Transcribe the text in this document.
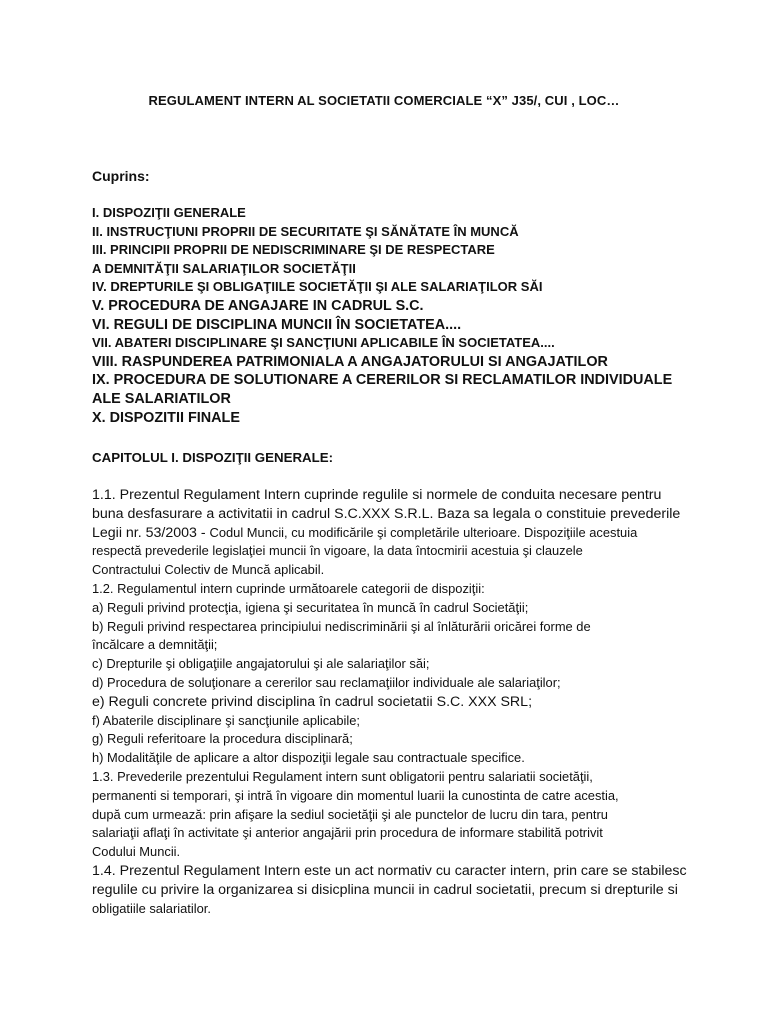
REGULAMENT INTERN AL SOCIETATII COMERCIALE “X” J35/, CUI , LOC…
Cuprins:
I. DISPOZIŢII GENERALE
II. INSTRUCŢIUNI PROPRII DE SECURITATE ŞI SĂNĂTATE ÎN MUNCĂ
III. PRINCIPII PROPRII DE NEDISCRIMINARE ŞI DE RESPECTARE
A DEMNITĂŢII SALARIAŢILOR SOCIETĂŢII
IV. DREPTURILE ŞI OBLIGAŢIILE SOCIETĂŢII ŞI ALE SALARIAŢILOR SĂI
V. PROCEDURA DE ANGAJARE IN CADRUL S.C.
VI. REGULI DE DISCIPLINA MUNCII ÎN SOCIETATEA....
VII. ABATERI DISCIPLINARE ŞI SANCŢIUNI APLICABILE ÎN SOCIETATEA....
VIII. RASPUNDEREA PATRIMONIALA A ANGAJATORULUI SI ANGAJATILOR
IX. PROCEDURA DE SOLUTIONARE A CERERILOR SI RECLAMATILOR INDIVIDUALE
ALE SALARIATILOR
X. DISPOZITII FINALE
CAPITOLUL I. DISPOZIŢII GENERALE:
1.1. Prezentul Regulament Intern cuprinde regulile si normele de conduita necesare pentru
buna desfasurare a activitatii in cadrul S.C.XXX S.R.L. Baza sa legala o constituie prevederile
Legii nr. 53/2003 - Codul Muncii, cu modificările şi completările ulterioare. Dispoziţiile acestuia
respectă prevederile legislaţiei muncii în vigoare, la data întocmirii acestuia şi clauzele
Contractului Colectiv de Muncă aplicabil.
1.2. Regulamentul intern cuprinde următoarele categorii de dispoziţii:
a) Reguli privind protecţia, igiena şi securitatea în muncă în cadrul Societăţii;
b) Reguli privind respectarea principiului nediscriminării şi al înlăturării oricărei forme de
încălcare a demnităţii;
c) Drepturile şi obligaţiile angajatorului şi ale salariaţilor săi;
d) Procedura de soluţionare a cererilor sau reclamaţiilor individuale ale salariaţilor;
e) Reguli concrete privind disciplina în cadrul societatii S.C. XXX SRL;
f) Abaterile disciplinare şi sancţiunile aplicabile;
g) Reguli referitoare la procedura disciplinară;
h) Modalităţile de aplicare a altor dispoziţii legale sau contractuale specifice.
1.3. Prevederile prezentului Regulament intern sunt obligatorii pentru salariatii societăţii,
permanenti si temporari, şi intră în vigoare din momentul luarii la cunostinta de catre acestia,
după cum urmează: prin afişare la sediul societăţii şi ale punctelor de lucru din tara, pentru
salariaţii aflaţi în activitate şi anterior angajării prin procedura de informare stabilită potrivit
Codului Muncii.
1.4. Prezentul Regulament Intern este un act normativ cu caracter intern, prin care se stabilesc
regulile cu privire la organizarea si disicplina muncii in cadrul societatii, precum si drepturile si
obligatiile salariatilor.
